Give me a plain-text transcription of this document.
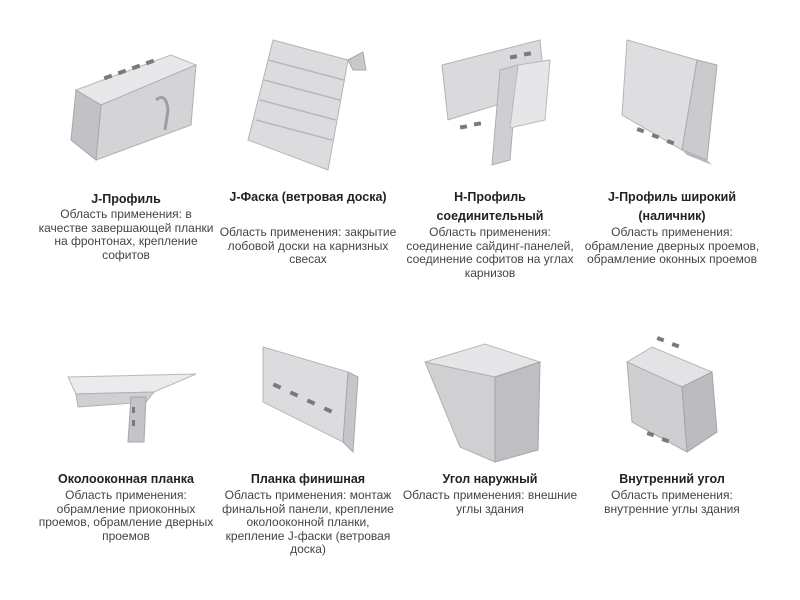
J-Профиль
Область применения: в качестве завершающей планки на фронтонах, крепление софитов
J-Фаска (ветровая доска)
Область применения: закрытие лобовой доски на карнизных свесах
H-Профиль соединительный
Область применения: соединение сайдинг-панелей, соединение софитов на углах карнизов
J-Профиль широкий (наличник)
Область применения: обрамление дверных проемов, обрамление оконных проемов
Околооконная планка
Область применения: обрамление приоконных проемов, обрамление дверных проемов
Планка финишная
Область применения: монтаж финальной панели, крепление околооконной планки, крепление J-фаски (ветровая доска)
Угол наружный
Область применения: внешние углы здания
Внутренний угол
Область применения: внутренние углы здания
